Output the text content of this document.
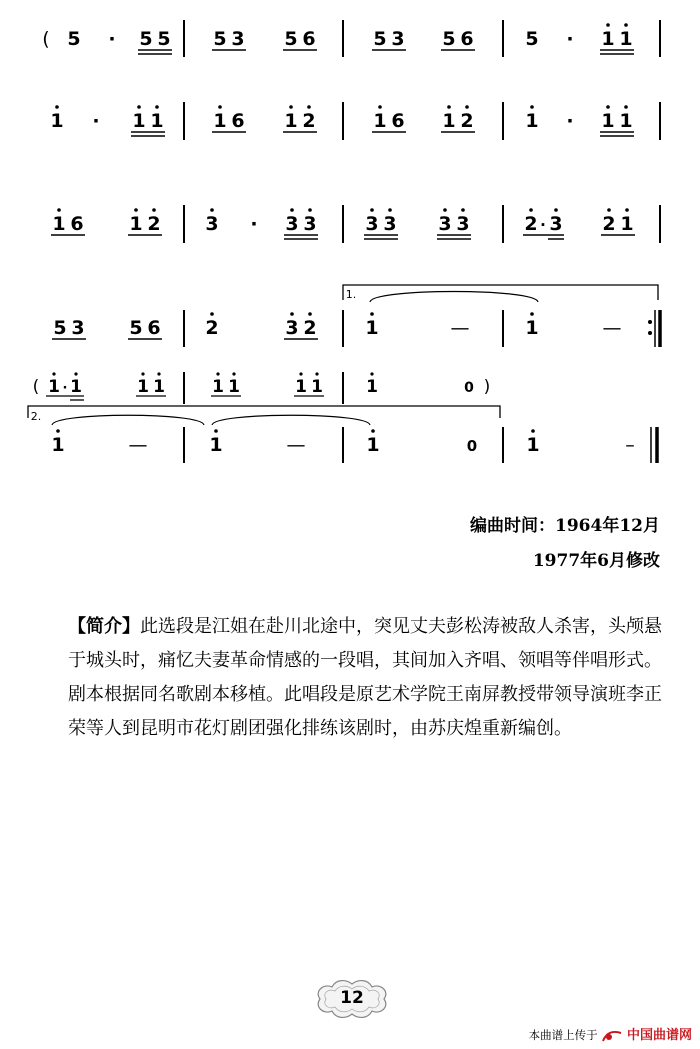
( 5 · 5 5 5 3 5 6	5 3 5 6	5 · 1 1
1 · 1 1	1 6 1 2	1 6 1 2	1 · 1 1
1 6 1 2 3 · 3 3	3 3 3 3	2 · 3 2 1
1.
5 3 5 6 2	3 2	1	—	1	—
( 1 · 1	1 1	1 1	1 1	1	0 )
2.
1	—	1	—	1	0	1	–
编曲时间：1964年12月
1977年6月修改

【简介】此选段是江姐在赴川北途中，突见丈夫彭松涛被敌人杀害，头颅悬于城头时，痛忆夫妻革命情感的一段唱，其间加入齐唱、领唱等伴唱形式。剧本根据同名歌剧本移植。此唱段是原艺术学院王南屏教授带领导演班李正荣等人到昆明市花灯剧团强化排练该剧时，由苏庆煌重新编创。

12
本曲谱上传于 中国曲谱网
